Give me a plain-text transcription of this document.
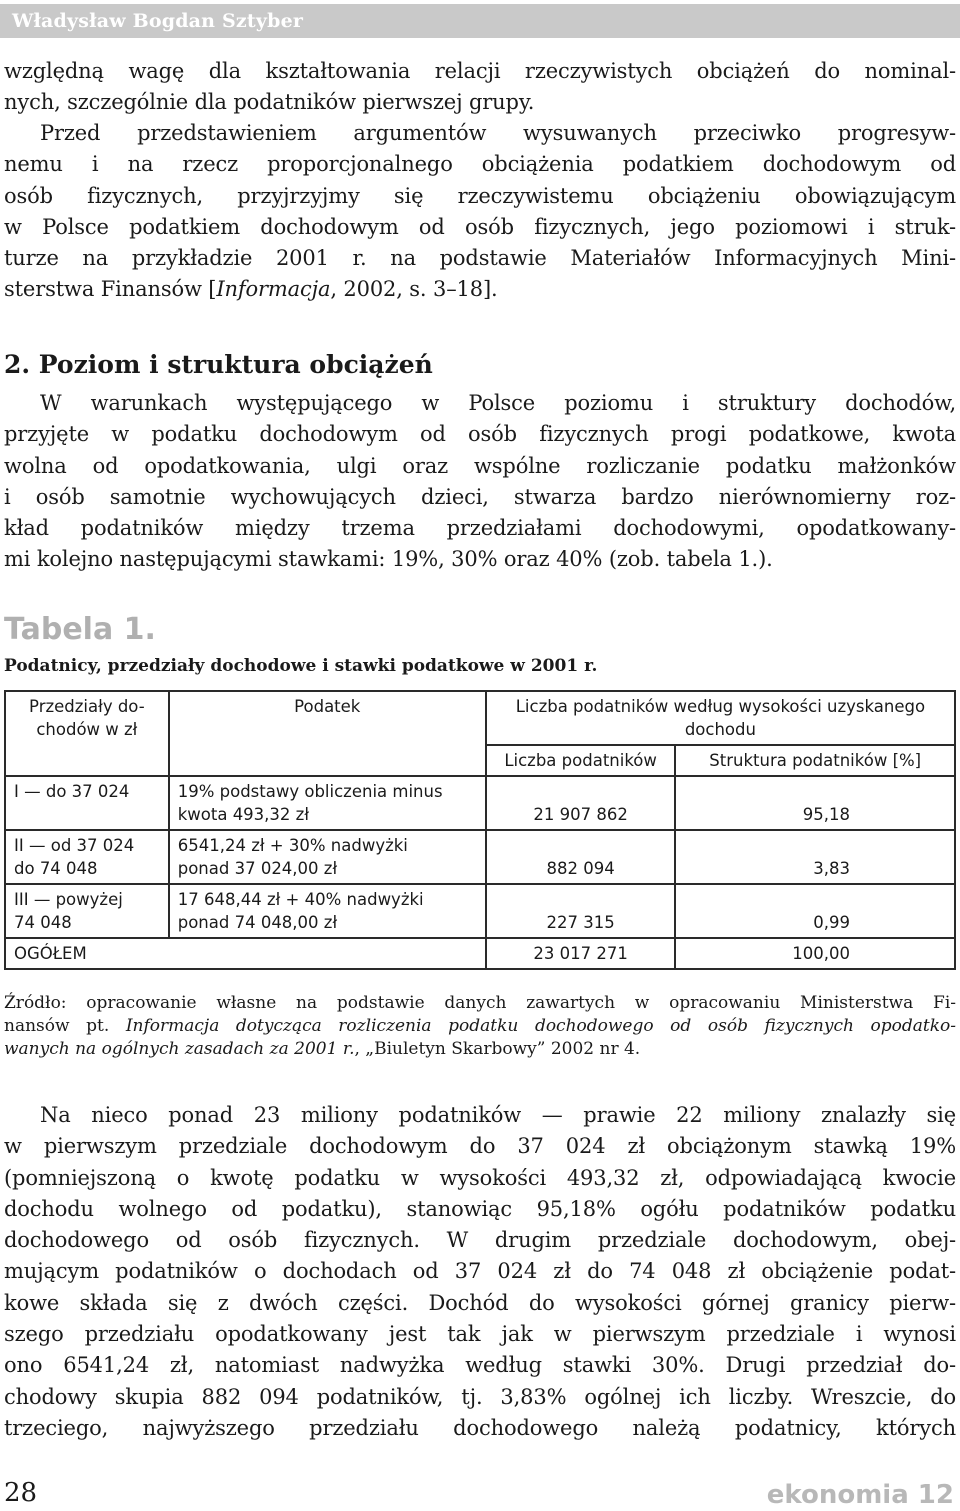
Władysław Bogdan Sztyber
względną wagę dla kształtowania relacji rzeczywistych obciążeń do nominal-
nych, szczególnie dla podatników pierwszej grupy.
Przed przedstawieniem argumentów wysuwanych przeciwko progresyw-
nemu i na rzecz proporcjonalnego obciążenia podatkiem dochodowym od
osób fizycznych, przyjrzyjmy się rzeczywistemu obciążeniu obowiązującym
w Polsce podatkiem dochodowym od osób fizycznych, jego poziomowi i struk-
turze na przykładzie 2001 r. na podstawie Materiałów Informacyjnych Mini-
sterstwa Finansów [Informacja, 2002, s. 3–18].
2. Poziom i struktura obciążeń
W warunkach występującego w Polsce poziomu i struktury dochodów,
przyjęte w podatku dochodowym od osób fizycznych progi podatkowe, kwota
wolna od opodatkowania, ulgi oraz wspólne rozliczanie podatku małżonków
i osób samotnie wychowujących dzieci, stwarza bardzo nierównomierny roz-
kład podatników między trzema przedziałami dochodowymi, opodatkowany-
mi kolejno następującymi stawkami: 19%, 30% oraz 40% (zob. tabela 1.).

Tabela 1.

Podatnicy, przedziały dochodowe i stawki podatkowe w 2001 r.

Przedziały do-
chodów w zł	Podatek	Liczba podatników według wysokości uzyskanego
dochodu	

		Liczba podatników	Struktura podatników [%]

I — do 37 024	19% podstawy obliczenia minus
kwota 493,32 zł	21 907 862	95,18

II — od 37 024
do 74 048	6541,24 zł + 30% nadwyżki
ponad 37 024,00 zł	882 094	3,83

III — powyżej
74 048	17 648,44 zł + 40% nadwyżki
ponad 74 048,00 zł	227 315	0,99
OGÓŁEM		23 017 271	100,00
Źródło: opracowanie własne na podstawie danych zawartych w opracowaniu Ministerstwa Fi-
nansów pt. Informacja dotycząca rozliczenia podatku dochodowego od osób fizycznych opodatko-
wanych na ogólnych zasadach za 2001 r., „Biuletyn Skarbowy” 2002 nr 4.
Na nieco ponad 23 miliony podatników — prawie 22 miliony znalazły się
w pierwszym przedziale dochodowym do 37 024 zł obciążonym stawką 19%
(pomniejszoną o kwotę podatku w wysokości 493,32 zł, odpowiadającą kwocie
dochodu wolnego od podatku), stanowiąc 95,18% ogółu podatników podatku
dochodowego od osób fizycznych. W drugim przedziale dochodowym, obej-
mującym podatników o dochodach od 37 024 zł do 74 048 zł obciążenie podat-
kowe składa się z dwóch części. Dochód do wysokości górnej granicy pierw-
szego przedziału opodatkowany jest tak jak w pierwszym przedziale i wynosi
ono 6541,24 zł, natomiast nadwyżka według stawki 30%. Drugi przedział do-
chodowy skupia 882 094 podatników, tj. 3,83% ogólnej ich liczby. Wreszcie, do
trzeciego, najwyższego przedziału dochodowego należą podatnicy, których

28	ekonomia 12
